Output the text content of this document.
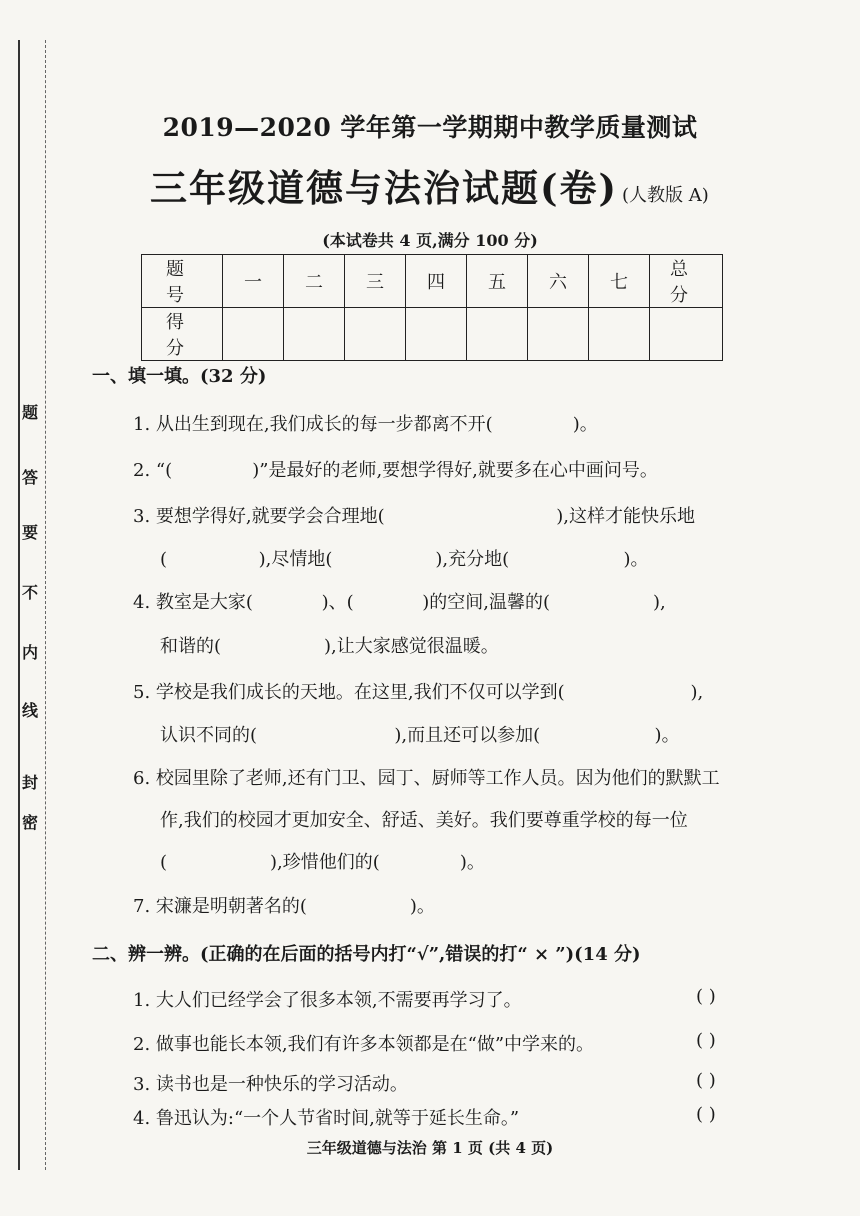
题
答
要
不
内
线
封
密
2019—2020 学年第一学期期中教学质量测试
三年级道德与法治试题(卷) (人教版 A)
(本试卷共 4 页,满分 100 分)
题 号	一	二	三	四	五	六	七	总 分
得 分								
一、填一填。(32 分)
1. 从出生到现在,我们成长的每一步都离不开(              )。
2. “(              )”是最好的老师,要想学得好,就要多在心中画问号。
3. 要想学得好,就要学会合理地(                              ),这样才能快乐地
(                ),尽情地(                  ),充分地(                    )。
4. 教室是大家(            )、(            )的空间,温馨的(                  ),
和谐的(                  ),让大家感觉很温暖。
5. 学校是我们成长的天地。在这里,我们不仅可以学到(                      ),
认识不同的(                        ),而且还可以参加(                    )。
6. 校园里除了老师,还有门卫、园丁、厨师等工作人员。因为他们的默默工
作,我们的校园才更加安全、舒适、美好。我们要尊重学校的每一位
(                  ),珍惜他们的(              )。
7. 宋濂是明朝著名的(                  )。
二、辨一辨。(正确的在后面的括号内打“√”,错误的打“ × ”)(14 分)
1. 大人们已经学会了很多本领,不需要再学习了。	( )
2. 做事也能长本领,我们有许多本领都是在“做”中学来的。	( )
3. 读书也是一种快乐的学习活动。	( )
4. 鲁迅认为:“一个人节省时间,就等于延长生命。”	( )
三年级道德与法治 第 1 页 (共 4 页)
